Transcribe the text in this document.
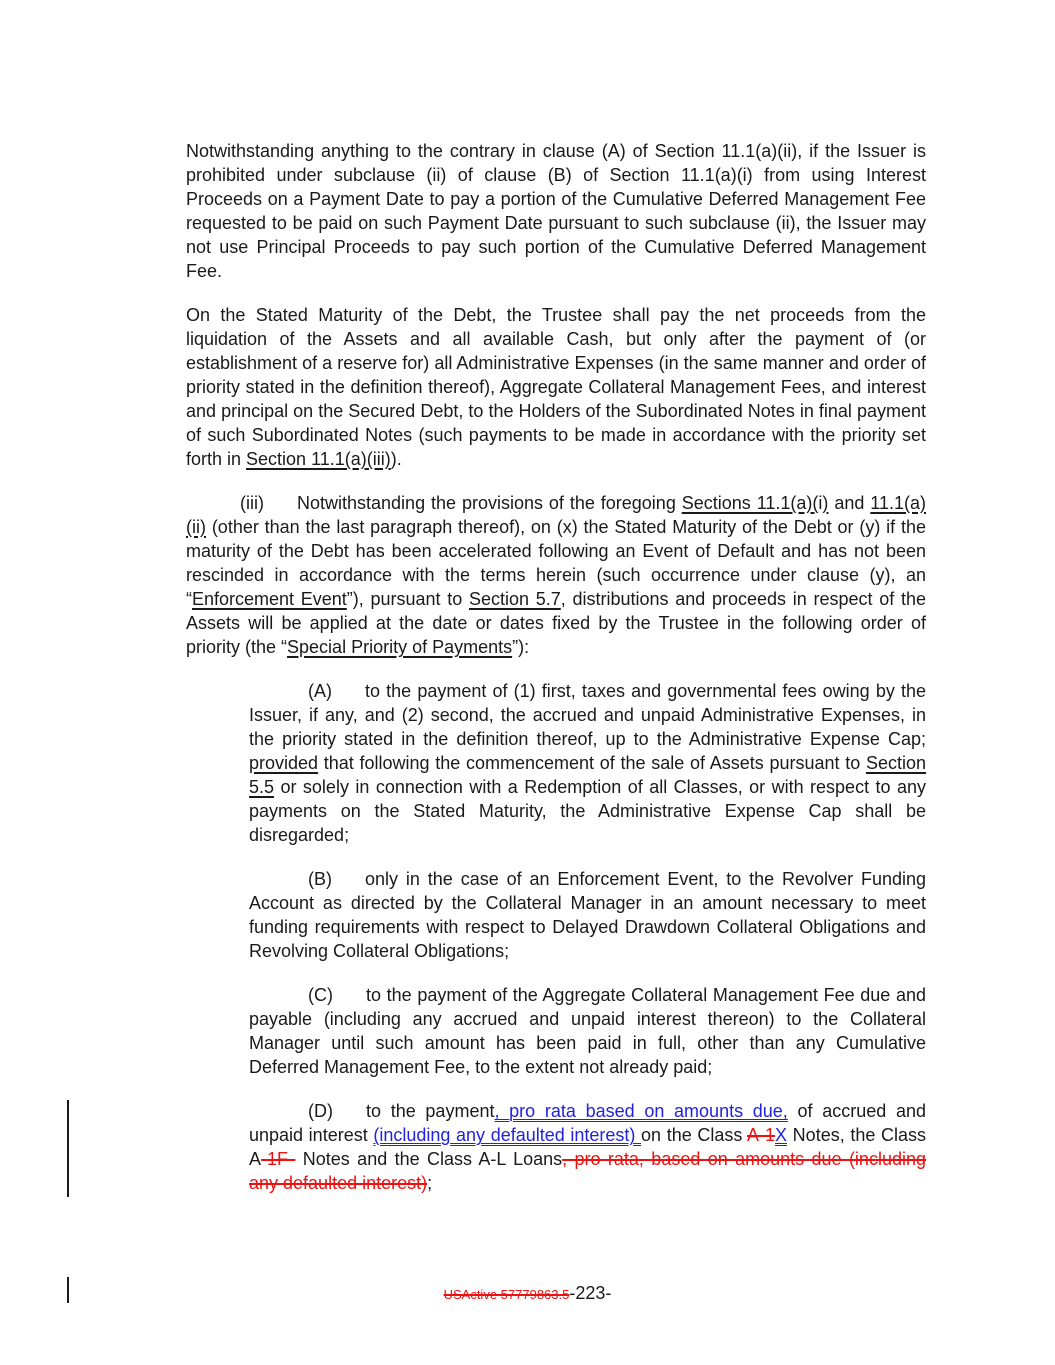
Notwithstanding anything to the contrary in clause (A) of Section 11.1(a)(ii), if the Issuer is prohibited under subclause (ii) of clause (B) of Section 11.1(a)(i) from using Interest Proceeds on a Payment Date to pay a portion of the Cumulative Deferred Management Fee requested to be paid on such Payment Date pursuant to such subclause (ii), the Issuer may not use Principal Proceeds to pay such portion of the Cumulative Deferred Management Fee.

On the Stated Maturity of the Debt, the Trustee shall pay the net proceeds from the liquidation of the Assets and all available Cash, but only after the payment of (or establishment of a reserve for) all Administrative Expenses (in the same manner and order of priority stated in the definition thereof), Aggregate Collateral Management Fees, and interest and principal on the Secured Debt, to the Holders of the Subordinated Notes in final payment of such Subordinated Notes (such payments to be made in accordance with the priority set forth in Section 11.1(a)(iii)).

(iii) Notwithstanding the provisions of the foregoing Sections 11.1(a)(i) and 11.1(a)(ii) (other than the last paragraph thereof), on (x) the Stated Maturity of the Debt or (y) if the maturity of the Debt has been accelerated following an Event of Default and has not been rescinded in accordance with the terms herein (such occurrence under clause (y), an “Enforcement Event”), pursuant to Section 5.7, distributions and proceeds in respect of the Assets will be applied at the date or dates fixed by the Trustee in the following order of priority (the “Special Priority of Payments”):

(A) to the payment of (1) first, taxes and governmental fees owing by the Issuer, if any, and (2) second, the accrued and unpaid Administrative Expenses, in the priority stated in the definition thereof, up to the Administrative Expense Cap; provided that following the commencement of the sale of Assets pursuant to Section 5.5 or solely in connection with a Redemption of all Classes, or with respect to any payments on the Stated Maturity, the Administrative Expense Cap shall be disregarded;

(B) only in the case of an Enforcement Event, to the Revolver Funding Account as directed by the Collateral Manager in an amount necessary to meet funding requirements with respect to Delayed Drawdown Collateral Obligations and Revolving Collateral Obligations;

(C) to the payment of the Aggregate Collateral Management Fee due and payable (including any accrued and unpaid interest thereon) to the Collateral Manager until such amount has been paid in full, other than any Cumulative Deferred Management Fee, to the extent not already paid;

(D) to the payment, pro rata based on amounts due, of accrued and unpaid interest (including any defaulted interest) on the Class A-1X Notes, the Class A-1F  Notes and the Class A-L Loans, pro rata, based on amounts due (including any defaulted interest);

USActive 57779863.5-223-
